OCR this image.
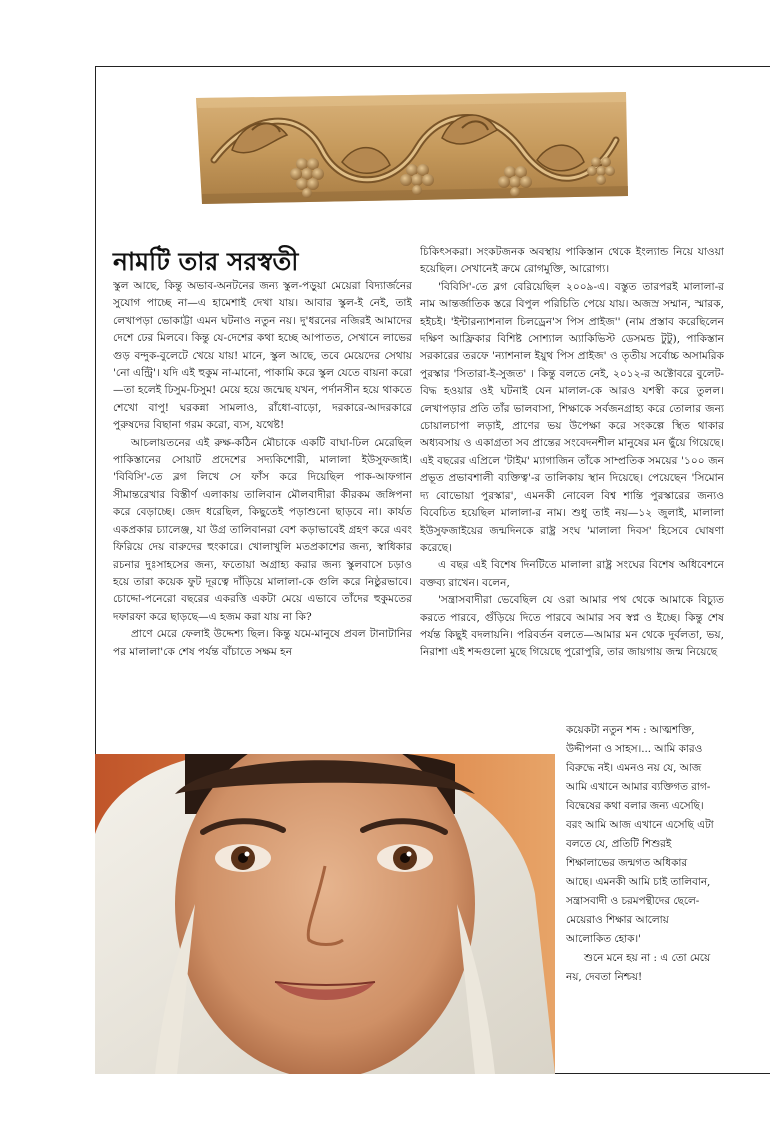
নামটি তার সরস্বতী

স্কুল আছে, কিন্তু অভাব-অনটনের জন্য স্কুল-পড়ুয়া মেয়েরা বিদ্যার্জনের সুযোগ পাচ্ছে না—এ হামেশাই দেখা যায়। আবার স্কুল-ই নেই, তাই লেখাপড়া ভোকাট্টা এমন ঘটনাও নতুন নয়। দু'ধরনের নজিরই আমাদের দেশে ঢের মিলবে। কিন্তু যে-দেশের কথা হচ্ছে আপাতত, সেখানে লাভের গুড় বন্দুক-বুলেটে খেয়ে যায়! মানে, স্কুল আছে, তবে মেয়েদের সেথায় 'নো এন্ট্রি'। যদি এই হুকুম না-মানো, পাকামি করে স্কুল যেতে বায়না করো—তা হলেই ঢিসুম-ঢিসুম! মেয়ে হয়ে জন্মেছ যখন, পর্দানসীন হয়ে থাকতে শেখো বাপু! ঘরকন্না সামলাও, রাঁধো-বাড়ো, দরকারে-আদরকারে পুরুষদের বিছানা গরম করো, ব্যস, যথেষ্ট!

আচলায়তনের এই রুক্ষ-কঠিন মৌচাকে একটি বাঘা-ঢিল মেরেছিল পাকিস্তানের সোয়াট প্রদেশের সদ্যকিশোরী, মালালা ইউসুফজাই। 'বিবিসি'-তে ব্লগ লিখে সে ফাঁস করে দিয়েছিল পাক-আফগান সীমান্তরেখার বিস্তীর্ণ এলাকায় তালিবান মৌলবাদীরা কীরকম জঙ্গিপনা করে বেড়াচ্ছে। জেদ ধরেছিল, কিছুতেই পড়াশুনো ছাড়বে না। কার্যত একপ্রকার চ্যালেঞ্জ, যা উগ্র তালিবানরা বেশ কড়াভাবেই গ্রহণ করে এবং ফিরিয়ে দেয় বারুদের হুংকারে। খোলাখুলি মতপ্রকাশের জন্য, স্বাধিকার রচনার দুঃসাহসের জন্য, ফতোয়া অগ্রাহ্য করার জন্য স্কুলবাসে চড়াও হয়ে তারা কয়েক ফুট দূরত্বে দাঁড়িয়ে মালালা-কে গুলি করে নিষ্ঠুরভাবে। চোদ্দো-পনেরো বছরের একরত্তি একটা মেয়ে এভাবে তাঁদের হুকুমতের দফারফা করে ছাড়ছে—এ হজম করা যায় না কি?

প্রাণে মেরে ফেলাই উদ্দেশ্য ছিল। কিন্তু যমে-মানুষে প্রবল টানাটানির পর মালালা'কে শেষ পর্যন্ত বাঁচাতে সক্ষম হন

চিকিৎসকরা। সংকটজনক অবস্থায় পাকিস্তান থেকে ইংল্যান্ড নিয়ে যাওয়া হয়েছিল। সেখানেই ক্রমে রোগমুক্তি, আরোগ্য।

'বিবিসি'-তে ব্লগ বেরিয়েছিল ২০০৯-এ। বস্তুত তারপরই মালালা-র নাম আন্তর্জাতিক স্তরে বিপুল পরিচিতি পেয়ে যায়। অজস্র সম্মান, স্মারক, হইচই। 'ইন্টারন্যাশনাল চিলড্রেন'স পিস প্রাইজ'' (নাম প্রস্তাব করেছিলেন দক্ষিণ আফ্রিকার বিশিষ্ট সোশ্যাল অ্যাকিভিস্ট ডেসমন্ড টুটু), পাকিস্তান সরকারের তরফে 'ন্যাশনাল ইয়ুথ পিস প্রাইজ' ও তৃতীয় সর্বোচ্চ অসামরিক পুরস্কার 'সিতারা-ই-সুজত' । কিন্তু বলতে নেই, ২০১২-র অক্টোবরে বুলেট-বিদ্ধ হওয়ার ওই ঘটনাই যেন মালাল-কে আরও যশস্বী করে তুলল। লেখাপড়ার প্রতি তাঁর ভালবাসা, শিক্ষাকে সর্বজনগ্রাহ্য করে তোলার জন্য চোয়ালচাপা লড়াই, প্রাণের ভয় উপেক্ষা করে সংকল্পে স্থিত থাকার অধ্যবসায় ও একাগ্রতা সব প্রান্তের সংবেদনশীল মানুষের মন ছুঁয়ে গিয়েছে। এই বছরের এপ্রিলে 'টাইম' ম্যাগাজিন তাঁকে সাম্প্রতিক সময়ের '১০০ জন প্রভূত প্রভাবশালী ব্যক্তিত্ব'-র তালিকায় স্থান দিয়েছে। পেয়েছেন 'সিমোন দ্য বোভোয়া পুরস্কার', এমনকী নোবেল বিশ্ব শান্তি পুরস্কারের জন্যও বিবেচিত হয়েছিল মালালা-র নাম। শুধু তাই নয়—১২ জুলাই, মালালা ইউসুফজাইয়ের জন্মদিনকে রাষ্ট্র সংঘ 'মালালা দিবস' হিসেবে ঘোষণা করেছে।

এ বছর এই বিশেষ দিনটিতে মালালা রাষ্ট্র সংঘের বিশেষ অধিবেশনে বক্তব্য রাখেন। বলেন,

'সন্ত্রাসবাদীরা ভেবেছিল যে ওরা আমার পথ থেকে আমাকে বিচ্যুত করতে পারবে, গুঁড়িয়ে দিতে পারবে আমার সব স্বপ্ন ও ইচ্ছে। কিন্তু শেষ পর্যন্ত কিছুই বদলায়নি। পরিবর্তন বলতে—আমার মন থেকে দুর্বলতা, ভয়, নিরাশা এই শব্দগুলো মুছে গিয়েছে পুরোপুরি, তার জায়গায় জন্ম নিয়েছে

কয়েকটা নতুন শব্দ : আত্মশক্তি, উদ্দীপনা ও সাহস।... আমি কারও বিরুদ্ধে নই। এমনও নয় যে, আজ আমি এখানে আমার ব্যক্তিগত রাগ-বিদ্বেষের কথা বলার জন্য এসেছি। বরং আমি আজ এখানে এসেছি এটা বলতে যে, প্রতিটি শিশুরই শিক্ষালাভের জন্মগত অধিকার আছে। এমনকী আমি চাই তালিবান, সন্ত্রাসবাদী ও চরমপন্থীদের ছেলে-মেয়েরাও শিক্ষার আলোয় আলোকিত হোক।'

শুনে মনে হয় না : এ তো মেয়ে নয়, দেবতা নিশ্চয়!
